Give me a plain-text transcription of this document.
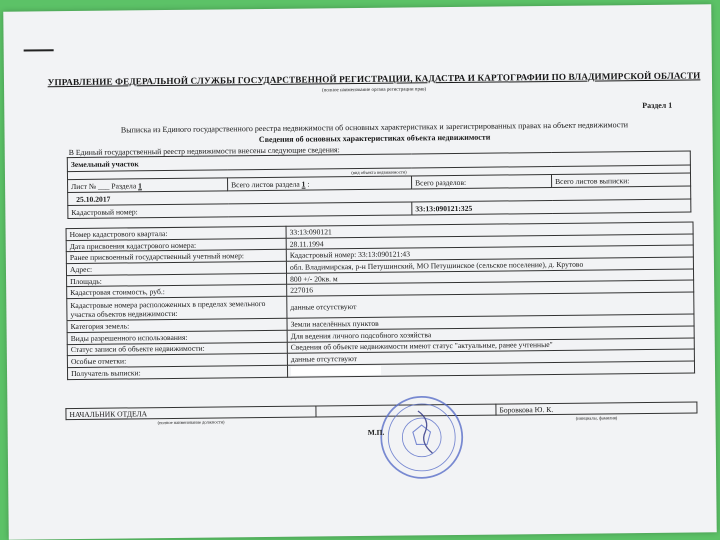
УПРАВЛЕНИЕ ФЕДЕРАЛЬНОЙ СЛУЖБЫ ГОСУДАРСТВЕННОЙ РЕГИСТРАЦИИ, КАДАСТРА И КАРТОГРАФИИ ПО ВЛАДИМИРСКОЙ ОБЛАСТИ
(полное наименование органа регистрации прав)
Раздел 1
Выписка из Единого государственного реестра недвижимости об основных характеристиках и зарегистрированных правах на объект недвижимости
Сведения об основных характеристиках объекта недвижимости
В Единый государственный реестр недвижимости внесены следующие сведения:
Земельный участок			
(вид объекта недвижимости)			
Лист № ___ Раздела 1	Всего листов раздела 1 :	Всего разделов:	Всего листов выписки:
25.10.2017			
Кадастровый номер:		33:13:090121:325	
Номер кадастрового квартала:	33:13:090121
Дата присвоения кадастрового номера:	28.11.1994
Ранее присвоенный государственный учетный номер:	Кадастровый номер: 33:13:090121:43
Адрес:	обл. Владимирская, р-н Петушинский, МО Петушинское (сельское поселение), д. Крутово
Площадь:	800 +/- 20кв. м
Кадастровая стоимость, руб.:	227016
Кадастровые номера расположенных в пределах земельного участка объектов недвижимости:	данные отсутствуют
Категория земель:	Земли населённых пунктов
Виды разрешенного использования:	Для ведения личного подсобного хозяйства
Статус записи об объекте недвижимости:	Сведения об объекте недвижимости имеют статус "актуальные, ранее учтенные"
Особые отметки:	данные отсутствуют
Получатель выписки:	
НАЧАЛЬНИК ОТДЕЛА		Боровкова Ю. К.
(полное наименование должности)		(инициалы, фамилия)
М.П.
